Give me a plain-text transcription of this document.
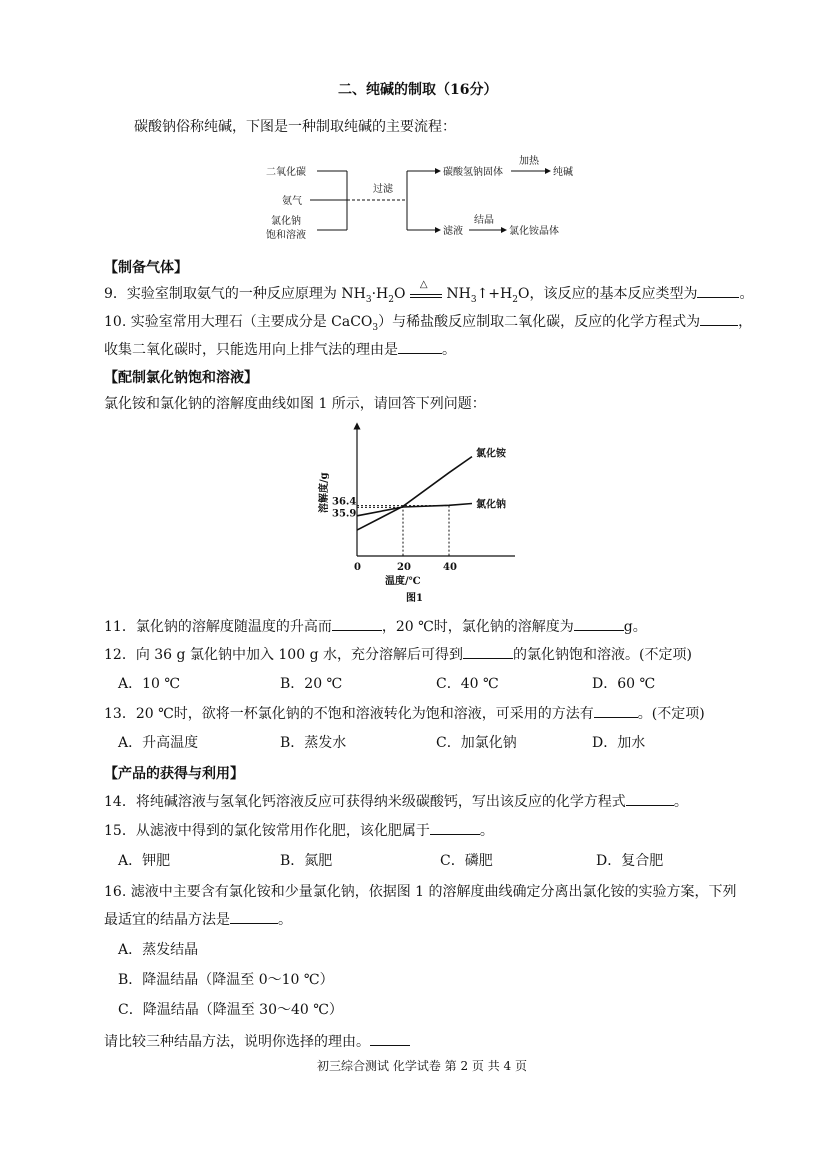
二、纯碱的制取（16分）
碳酸钠俗称纯碱，下图是一种制取纯碱的主要流程：
二氧化碳
氨气
氯化钠
饱和溶液
过滤
碳酸氢钠固体
加热
纯碱
滤液
结晶
氯化铵晶体
【制备气体】
9．实验室制取氨气的一种反应原理为 $NH_3\cdot H_2O$
△
$NH_3↑+H_2O$，该反应的基本反应类型为	。
10. 实验室常用大理石（主要成分是 CaCO$_3$）与稀盐酸反应制取二氧化碳，反应的化学方程式为	，
收集二氧化碳时，只能选用向上排气法的理由是	。
【配制氯化钠饱和溶液】
氯化铵和氯化钠的溶解度曲线如图 1 所示，请回答下列问题：
氯化铵
氯化钠
0	20	40
36.4
35.9
溶解度/g
温度/℃
图1
11．氯化钠的溶解度随温度的升高而	，20 ℃时，氯化钠的溶解度为	g。
12．向 36 g 氯化钠中加入 100 g 水，充分溶解后可得到	的氯化钠饱和溶液。(不定项)
A．10 ℃	B．20 ℃	C．40 ℃	D．60 ℃
13．20 ℃时，欲将一杯氯化钠的不饱和溶液转化为饱和溶液，可采用的方法有	。(不定项)
A．升高温度	B．蒸发水	C．加氯化钠	D．加水
【产品的获得与利用】
14．将纯碱溶液与氢氧化钙溶液反应可获得纳米级碳酸钙，写出该反应的化学方程式	。
15．从滤液中得到的氯化铵常用作化肥，该化肥属于	。
A．钾肥	B．氮肥	C．磷肥	D．复合肥
16. 滤液中主要含有氯化铵和少量氯化钠，依据图 1 的溶解度曲线确定分离出氯化铵的实验方案，下列
最适宜的结晶方法是	。
A．蒸发结晶
B．降温结晶（降温至 0～10 ℃）
C．降温结晶（降温至 30～40 ℃）
请比较三种结晶方法，说明你选择的理由。
初三综合测试 化学试卷 第 2 页 共 4 页
